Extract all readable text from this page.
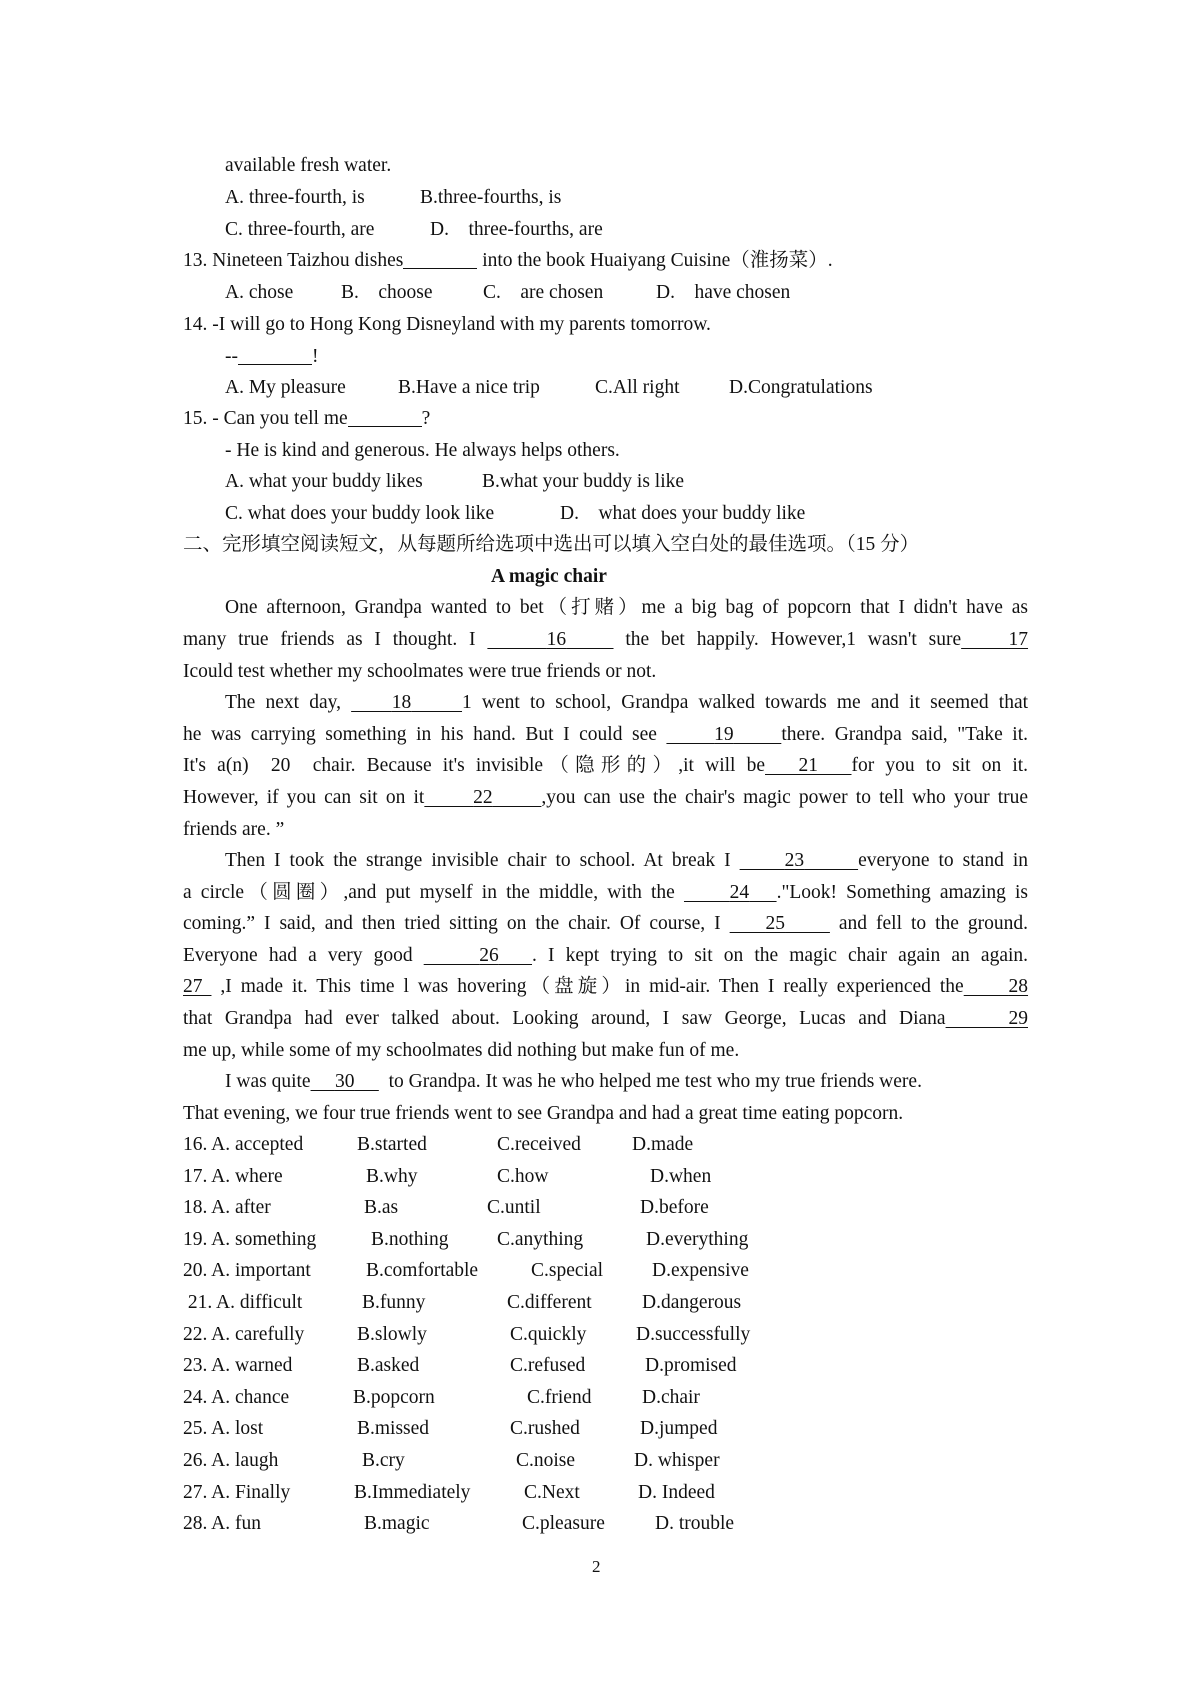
available fresh water.
A. three-fourth, is	B.three-fourths, is
C. three-fourth, are	D.    three-fourths, are
13. Nineteen Taizhou dishes	into the book Huaiyang Cuisine（淮扬菜）.
A. chose B.    choose	C.    are chosen	D.    have chosen
14. -I will go to Hong Kong Disneyland with my parents tomorrow.
--	!
A. My pleasure	B.Have a nice trip	C.All right	D.Congratulations
15. - Can you tell me	?
- He is kind and generous. He always helps others.
A. what your buddy likes	B.what your buddy is like
C. what does your buddy look like	D.    what does your buddy like
二、完形填空阅读短文，从每题所给选项中选出可以填入空白处的最佳选项。（15 分）
A magic chair
One afternoon, Grandpa wanted to bet（打赌）me a big bag of popcorn that I didn't have as
many true friends as I thought. I	16     the bet happily. However,1 wasn't sure 17
Icould test whether my schoolmates were true friends or not.
The next day,     18	1 went to school, Grandpa walked towards me and it seemed that
he was carrying something in his hand. But I could see      19 there. Grandpa said, "Take it.
It's a(n)  20  chair. Because it's invisible（隐形的）,it will be 21 for you to sit on it.
However, if you can sit on it	22	,you can use the chair's magic power to tell who your true
friends are. ”
Then I took the strange invisible chair to school. At break I      23	everyone to stand in
a circle（圆圈）,and put myself in the middle, with the      24 ."Look! Something amazing is
coming.” I said, and then tried sitting on the chair. Of course, I     25      and fell to the ground.
Everyone had a very good	26 . I kept trying to sit on the magic chair again an again.
27  ,I made it. This time l was hovering（盘旋）in mid-air. Then I really experienced the 28
that Grandpa had ever talked about. Looking around, I saw George, Lucas and Diana	29
me up, while some of my schoolmates did nothing but make fun of me.
I was quite 30       to Grandpa. It was he who helped me test who my true friends were.
That evening, we four true friends went to see Grandpa and had a great time eating popcorn.
16. A. accepted	B.started	C.received	D.made
17. A. where	B.why	C.how	D.when
18. A. after	B.as	C.until	D.before
19. A. something	B.nothing C.anything	D.everything
20. A. important	B.comfortable	C.special	D.expensive
21. A. difficult	B.funny	C.different	D.dangerous
22. A. carefully	B.slowly	C.quickly	D.successfully
23. A. warned	B.asked	C.refused	D.promised
24. A. chance	B.popcorn	C.friend	D.chair
25. A. lost	B.missed	C.rushed	D.jumped
26. A. laugh	B.cry	C.noise	D. whisper
27. A. Finally	B.Immediately	C.Next	D. Indeed
28. A. fun	B.magic	C.pleasure	D. trouble
2
